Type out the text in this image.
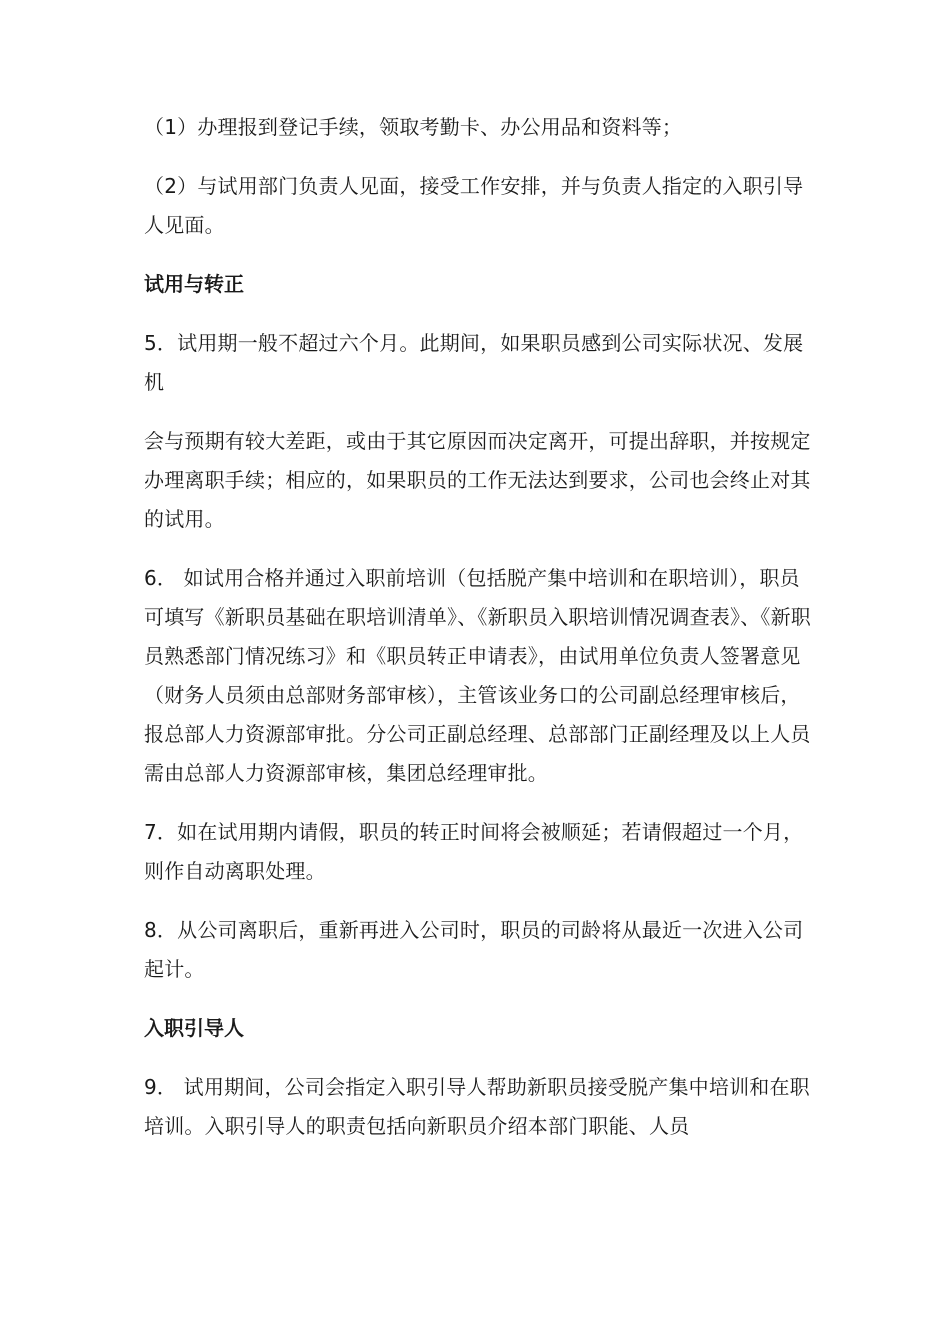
（1）办理报到登记手续，领取考勤卡、办公用品和资料等；

（2）与试用部门负责人见面，接受工作安排，并与负责人指定的入职引导人见面。

试用与转正

5．试用期一般不超过六个月。此期间，如果职员感到公司实际状况、发展机

会与预期有较大差距，或由于其它原因而决定离开，可提出辞职，并按规定办理离职手续；相应的，如果职员的工作无法达到要求，公司也会终止对其的试用。

6． 如试用合格并通过入职前培训（包括脱产集中培训和在职培训），职员可填写《新职员基础在职培训清单》、《新职员入职培训情况调查表》、《新职员熟悉部门情况练习》和《职员转正申请表》，由试用单位负责人签署意见（财务人员须由总部财务部审核），主管该业务口的公司副总经理审核后，报总部人力资源部审批。分公司正副总经理、总部部门正副经理及以上人员需由总部人力资源部审核，集团总经理审批。

7．如在试用期内请假，职员的转正时间将会被顺延；若请假超过一个月，则作自动离职处理。

8．从公司离职后，重新再进入公司时，职员的司龄将从最近一次进入公司起计。

入职引导人

9． 试用期间，公司会指定入职引导人帮助新职员接受脱产集中培训和在职培训。入职引导人的职责包括向新职员介绍本部门职能、人员
